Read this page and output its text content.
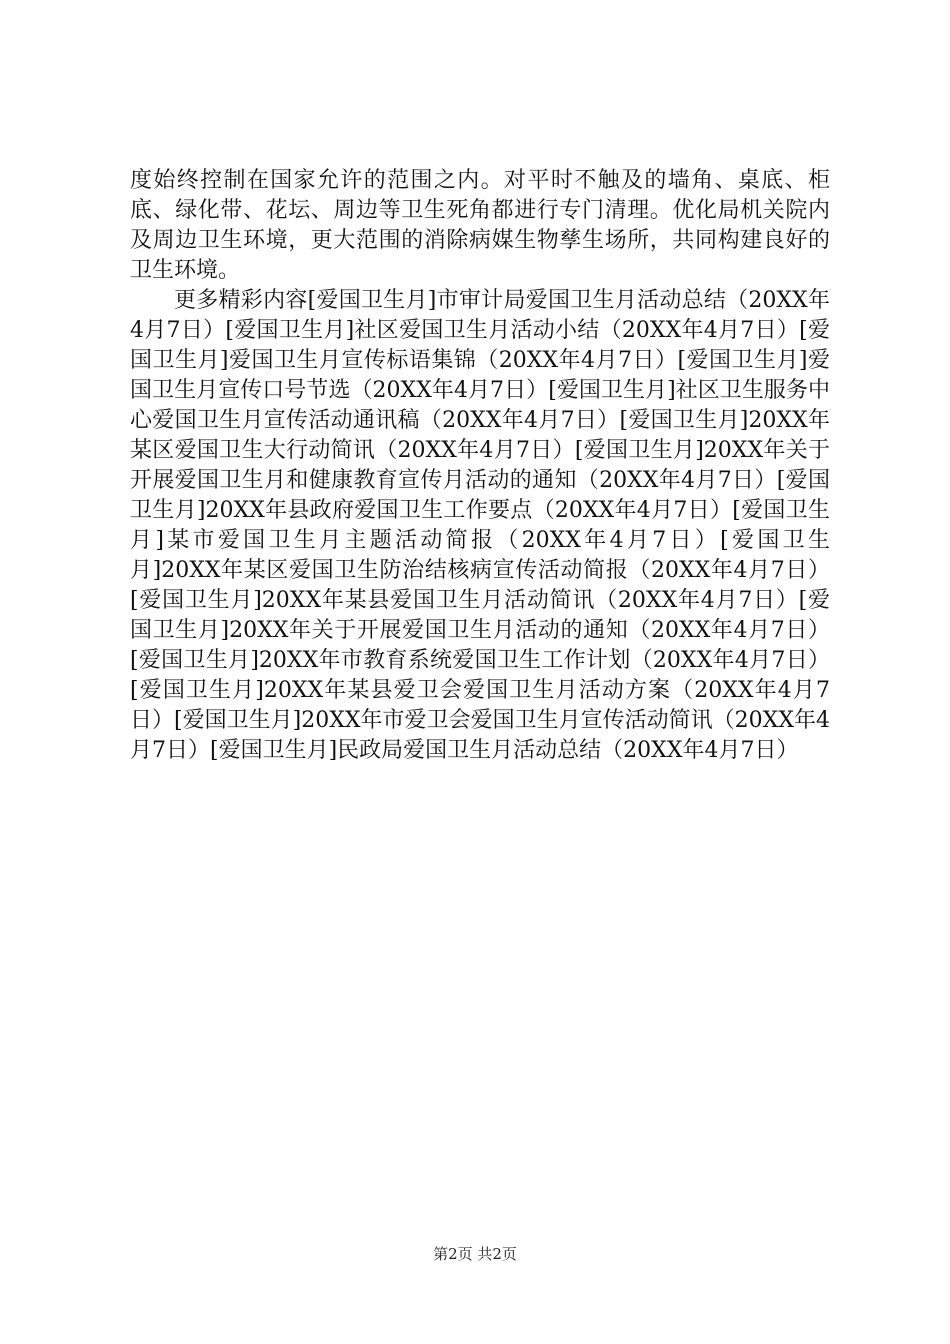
度始终控制在国家允许的范围之内。对平时不触及的墙角、桌底、柜底、绿化带、花坛、周边等卫生死角都进行专门清理。优化局机关院内及周边卫生环境，更大范围的消除病媒生物孳生场所，共同构建良好的卫生环境。

更多精彩内容[爱国卫生月]市审计局爱国卫生月活动总结（20XX年4月7日）[爱国卫生月]社区爱国卫生月活动小结（20XX年4月7日）[爱国卫生月]爱国卫生月宣传标语集锦（20XX年4月7日）[爱国卫生月]爱国卫生月宣传口号节选（20XX年4月7日）[爱国卫生月]社区卫生服务中心爱国卫生月宣传活动通讯稿（20XX年4月7日）[爱国卫生月]20XX年某区爱国卫生大行动简讯（20XX年4月7日）[爱国卫生月]20XX年关于开展爱国卫生月和健康教育宣传月活动的通知（20XX年4月7日）[爱国卫生月]20XX年县政府爱国卫生工作要点（20XX年4月7日）[爱国卫生月]某市爱国卫生月主题活动简报（20XX年4月7日）[爱国卫生月]20XX年某区爱国卫生防治结核病宣传活动简报（20XX年4月7日）[爱国卫生月]20XX年某县爱国卫生月活动简讯（20XX年4月7日）[爱国卫生月]20XX年关于开展爱国卫生月活动的通知（20XX年4月7日）[爱国卫生月]20XX年市教育系统爱国卫生工作计划（20XX年4月7日）[爱国卫生月]20XX年某县爱卫会爱国卫生月活动方案（20XX年4月7日）[爱国卫生月]20XX年市爱卫会爱国卫生月宣传活动简讯（20XX年4月7日）[爱国卫生月]民政局爱国卫生月活动总结（20XX年4月7日）

第2页 共2页
